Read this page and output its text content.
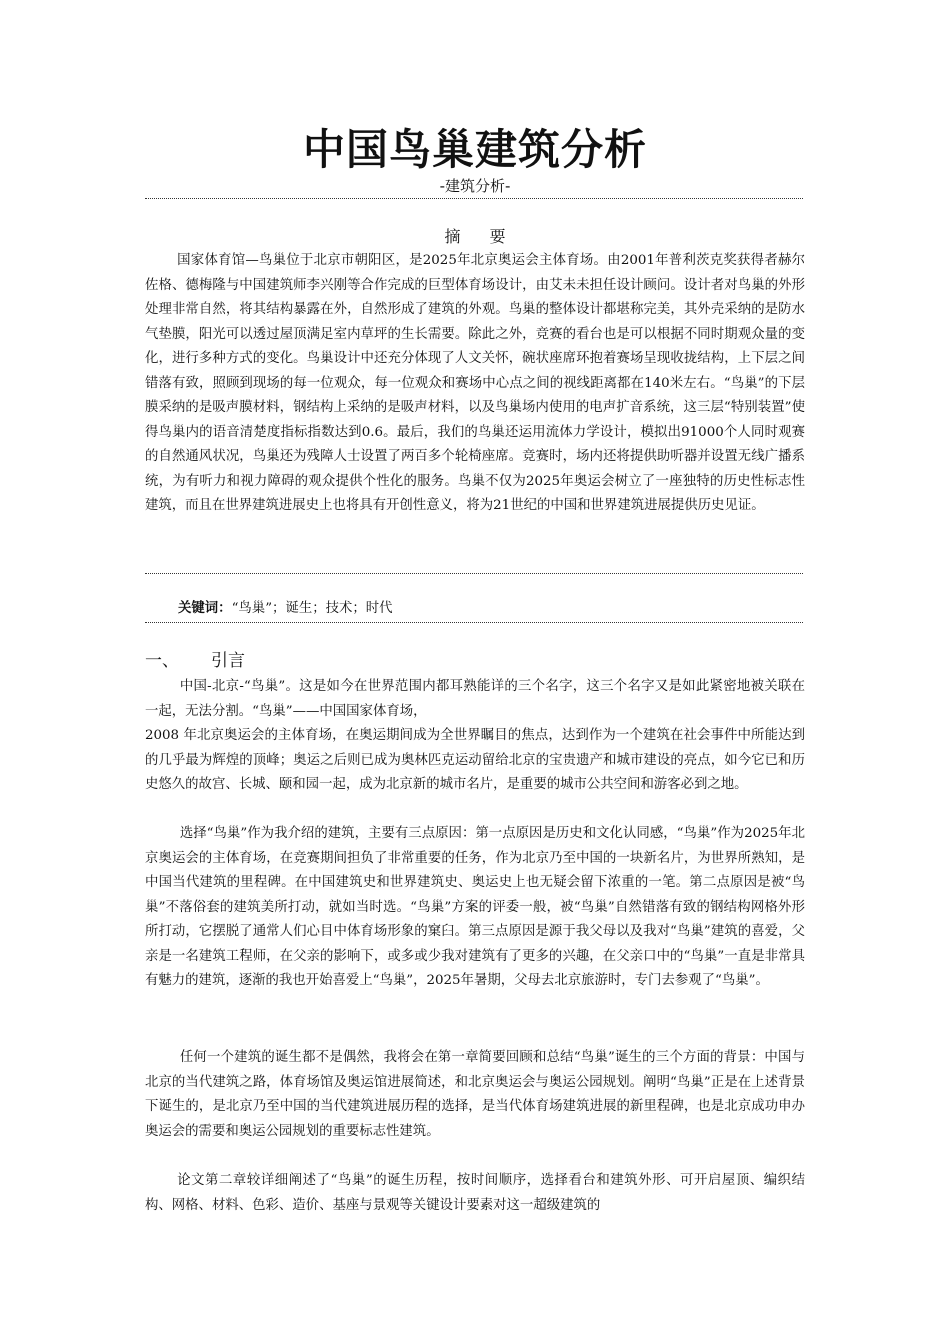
中国鸟巢建筑分析
-建筑分析-
摘 要

国家体育馆—鸟巢位于北京市朝阳区，是2025年北京奥运会主体育场。由2001年普利茨克奖获得者赫尔佐格、德梅隆与中国建筑师李兴刚等合作完成的巨型体育场设计，由艾未未担任设计顾问。设计者对鸟巢的外形处理非常自然，将其结构暴露在外，自然形成了建筑的外观。鸟巢的整体设计都堪称完美，其外壳采纳的是防水气垫膜，阳光可以透过屋顶满足室内草坪的生长需要。除此之外，竞赛的看台也是可以根据不同时期观众量的变化，进行多种方式的变化。鸟巢设计中还充分体现了人文关怀，碗状座席环抱着赛场呈现收拢结构，上下层之间错落有致，照顾到现场的每一位观众，每一位观众和赛场中心点之间的视线距离都在140米左右。“鸟巢”的下层膜采纳的是吸声膜材料，钢结构上采纳的是吸声材料，以及鸟巢场内使用的电声扩音系统，这三层“特别装置”使得鸟巢内的语音清楚度指标指数达到0.6。最后，我们的鸟巢还运用流体力学设计，模拟出91000个人同时观赛的自然通风状况，鸟巢还为残障人士设置了两百多个轮椅座席。竞赛时，场内还将提供助听器并设置无线广播系统，为有听力和视力障碍的观众提供个性化的服务。鸟巢不仅为2025年奥运会树立了一座独特的历史性标志性建筑，而且在世界建筑进展史上也将具有开创性意义，将为21世纪的中国和世界建筑进展提供历史见证。

关键词：“鸟巢”；诞生；技术；时代
一、 引言

中国-北京-“鸟巢”。这是如今在世界范围内都耳熟能详的三个名字，这三个名字又是如此紧密地被关联在一起，无法分割。“鸟巢”——中国国家体育场，

2008 年北京奥运会的主体育场，在奥运期间成为全世界瞩目的焦点，达到作为一个建筑在社会事件中所能达到的几乎最为辉煌的顶峰；奥运之后则已成为奥林匹克运动留给北京的宝贵遗产和城市建设的亮点，如今它已和历史悠久的故宫、长城、颐和园一起，成为北京新的城市名片，是重要的城市公共空间和游客必到之地。

选择“鸟巢”作为我介绍的建筑，主要有三点原因：第一点原因是历史和文化认同感，“鸟巢”作为2025年北京奥运会的主体育场，在竞赛期间担负了非常重要的任务，作为北京乃至中国的一块新名片，为世界所熟知，是中国当代建筑的里程碑。在中国建筑史和世界建筑史、奥运史上也无疑会留下浓重的一笔。第二点原因是被“鸟巢”不落俗套的建筑美所打动，就如当时选。“鸟巢”方案的评委一般，被“鸟巢”自然错落有致的钢结构网格外形所打动，它摆脱了通常人们心目中体育场形象的窠臼。第三点原因是源于我父母以及我对“鸟巢”建筑的喜爱，父亲是一名建筑工程师，在父亲的影响下，或多或少我对建筑有了更多的兴趣，在父亲口中的“鸟巢”一直是非常具有魅力的建筑，逐渐的我也开始喜爱上“鸟巢”，2025年暑期，父母去北京旅游时，专门去参观了“鸟巢”。

任何一个建筑的诞生都不是偶然，我将会在第一章简要回顾和总结“鸟巢”诞生的三个方面的背景：中国与北京的当代建筑之路，体育场馆及奥运馆进展简述，和北京奥运会与奥运公园规划。阐明“鸟巢”正是在上述背景下诞生的，是北京乃至中国的当代建筑进展历程的选择，是当代体育场建筑进展的新里程碑，也是北京成功申办奥运会的需要和奥运公园规划的重要标志性建筑。

论文第二章较详细阐述了“鸟巢”的诞生历程，按时间顺序，选择看台和建筑外形、可开启屋顶、编织结构、网格、材料、色彩、造价、基座与景观等关键设计要素对这一超级建筑的
